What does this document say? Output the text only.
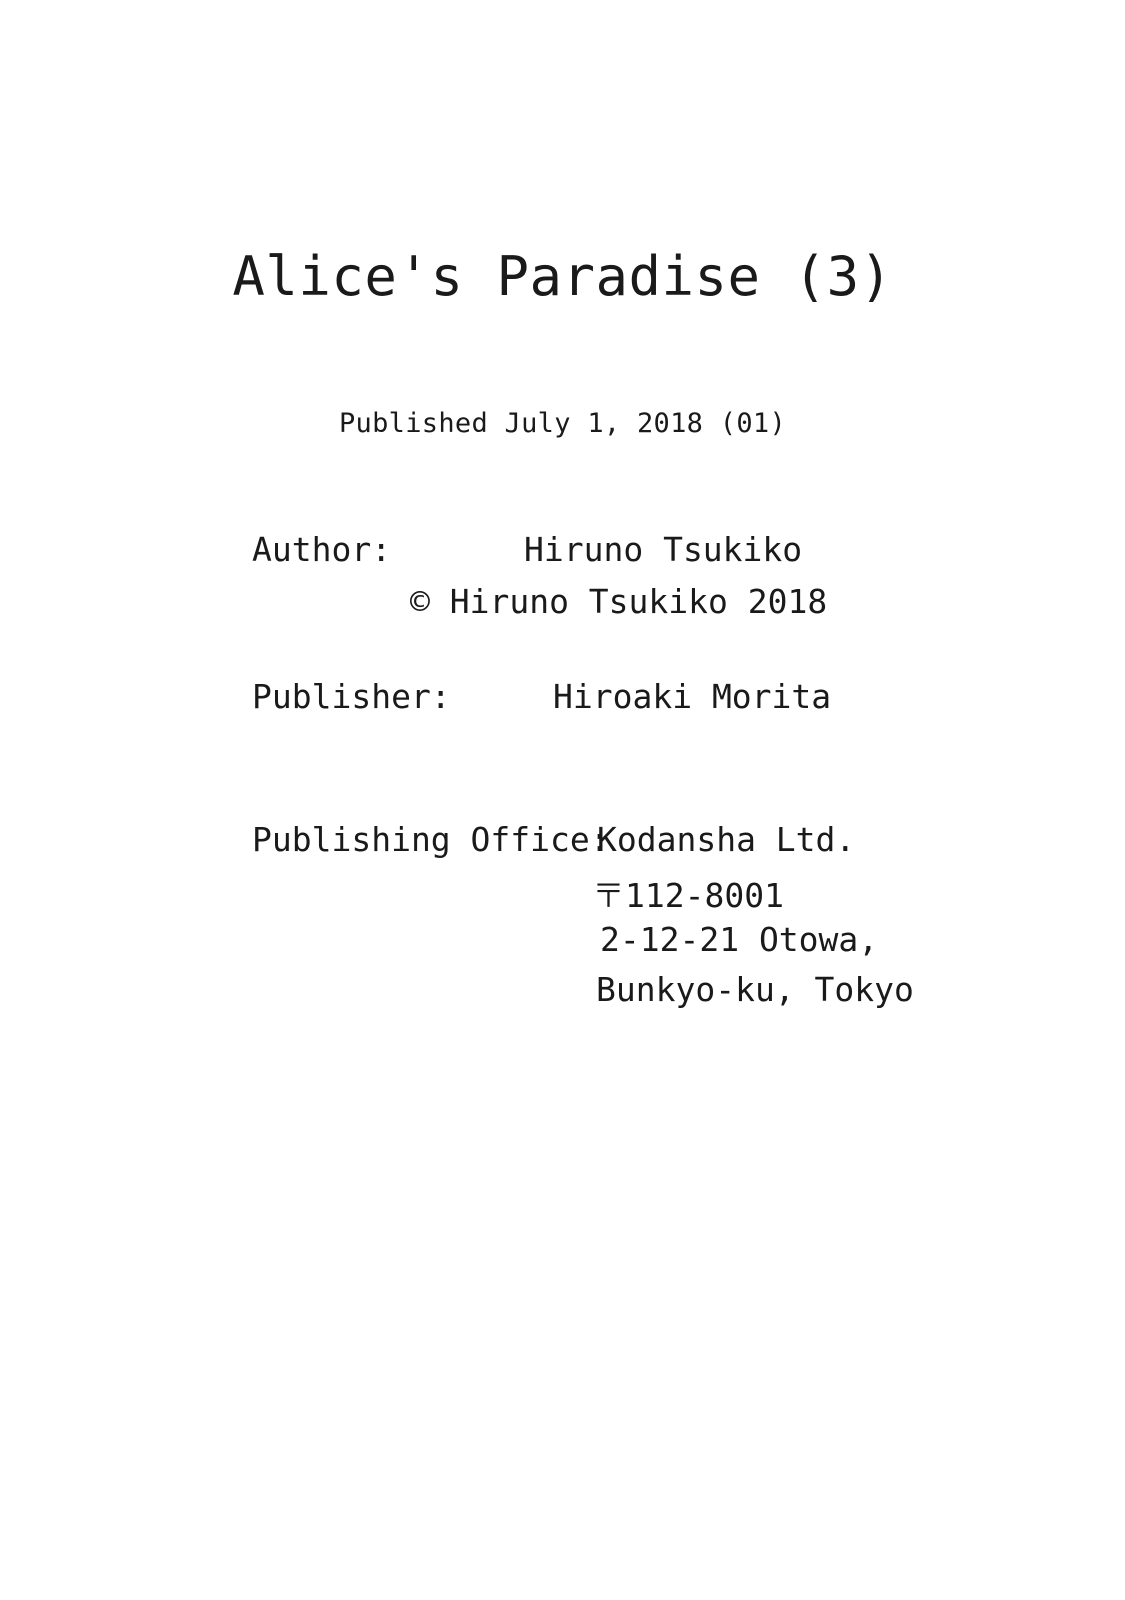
Alice's Paradise (3)
Published July 1, 2018 (01)
Author:	Hiruno Tsukiko
© Hiruno Tsukiko 2018
Publisher:	Hiroaki Morita
Publishing Office:
Kodansha Ltd.
〒112-8001
2-12-21 Otowa,
Bunkyo-ku, Tokyo
